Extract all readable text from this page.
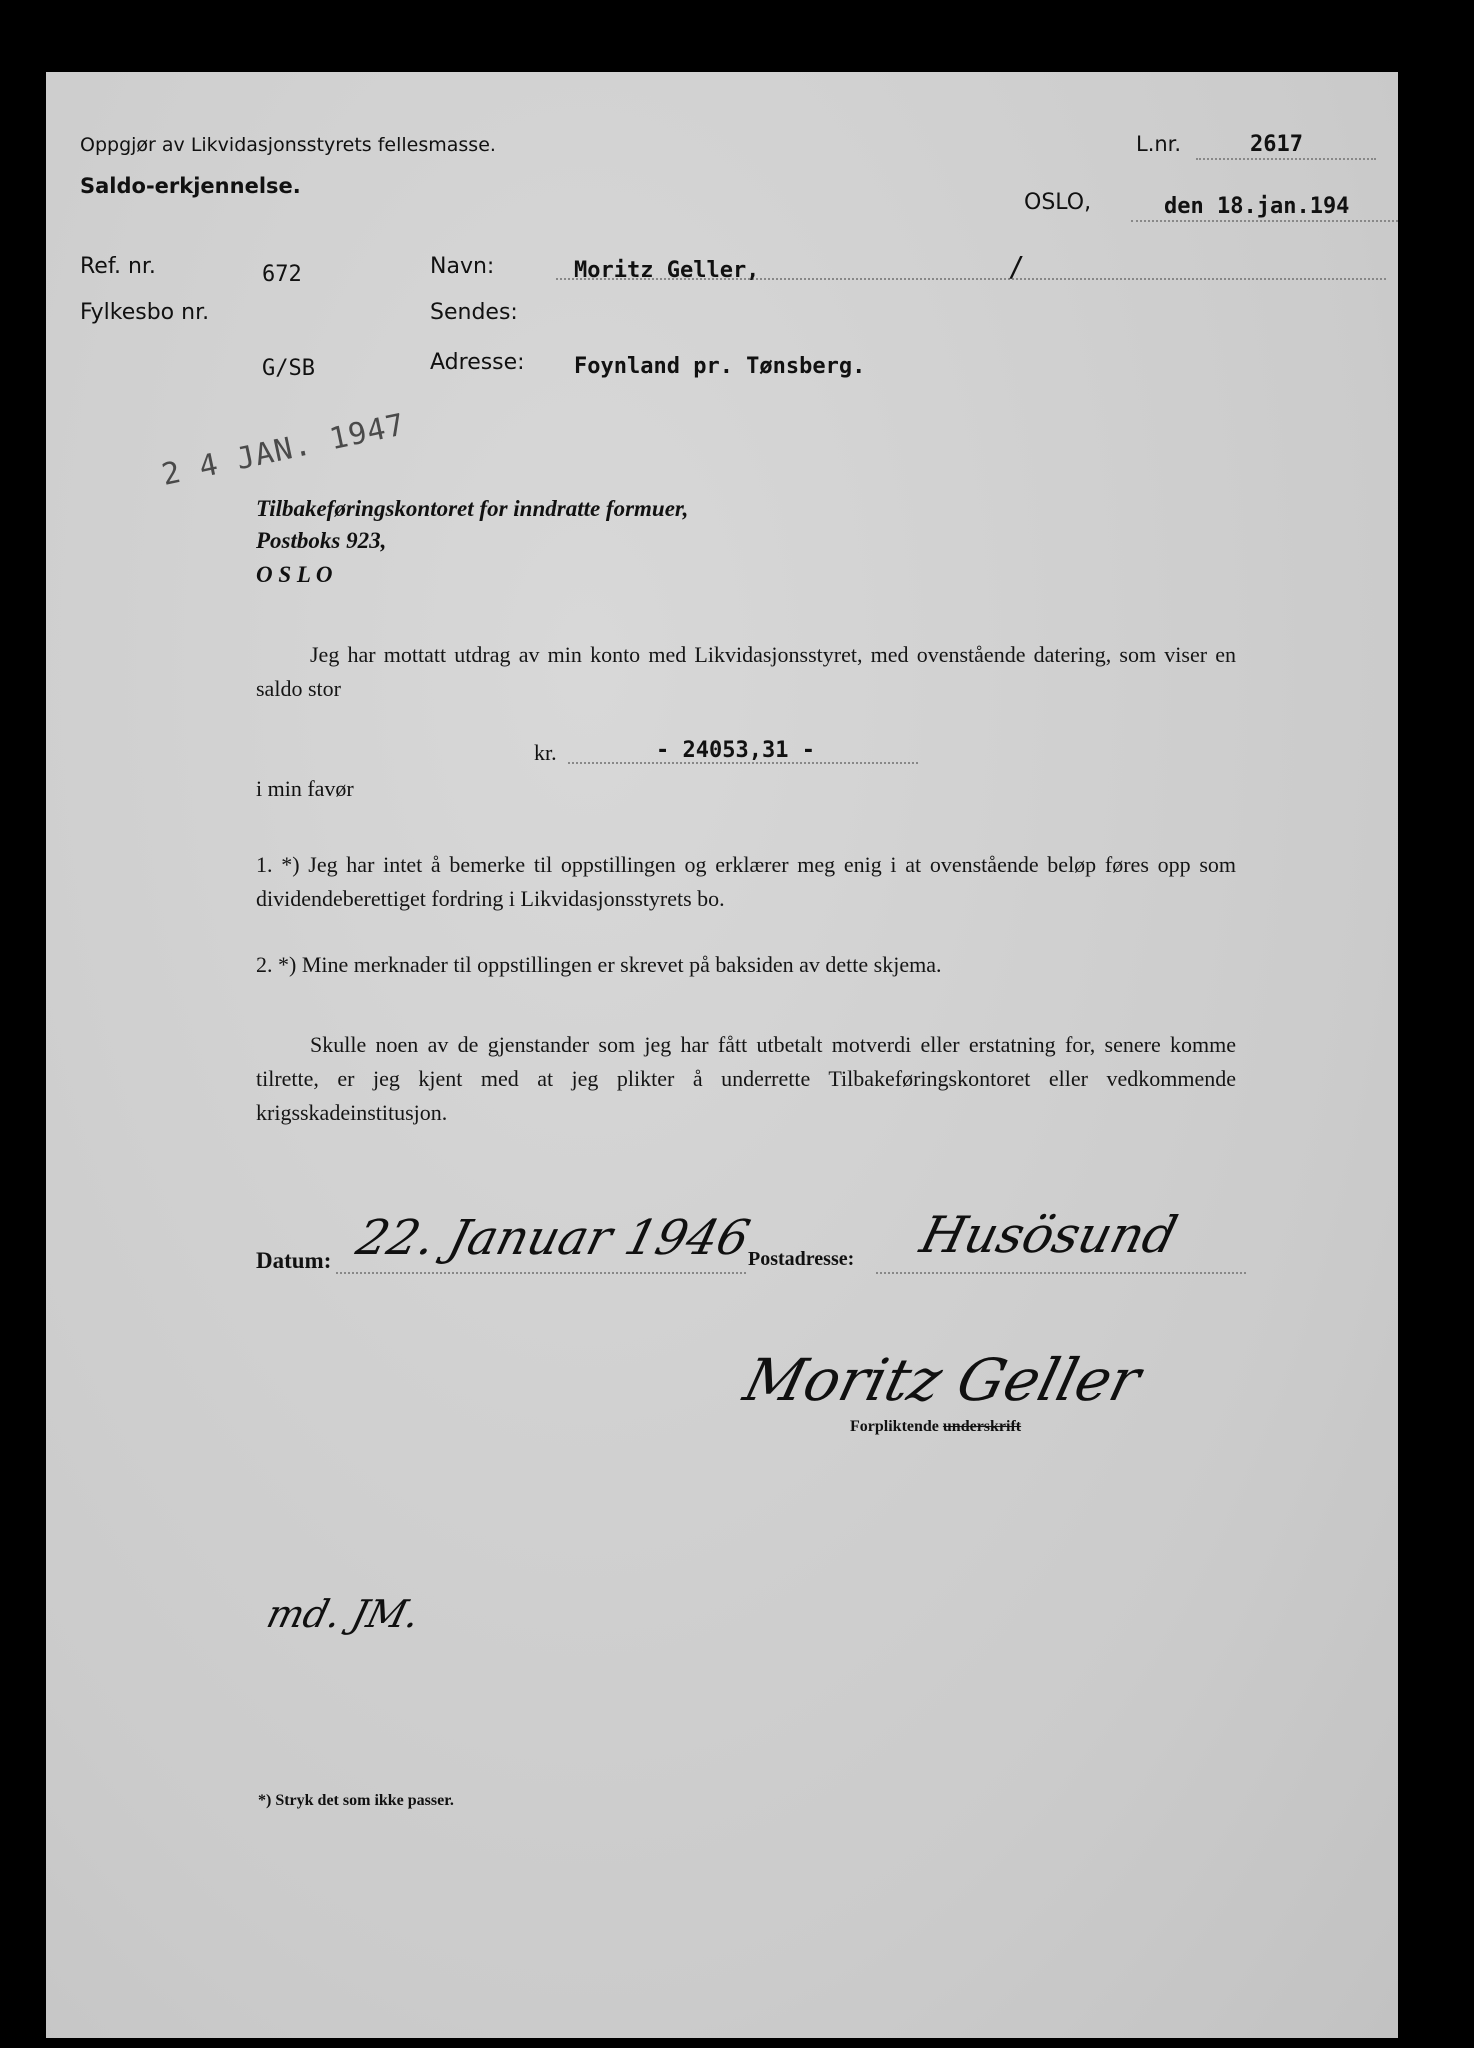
Oppgjør av Likvidasjonsstyrets fellesmasse.
Saldo-erkjennelse.
L.nr.	2617
OSLO,	den 18.jan.194
Ref. nr.	672
Fylkesbo nr.
G/SB
Navn:	Moritz Geller,	/
Sendes:
Adresse: Foynland pr. Tønsberg.
2 4 JAN. 1947
Tilbakeføringskontoret for inndratte formuer,
Postboks 923,
O S L O
Jeg har mottatt utdrag av min konto med Likvidasjonsstyret, med ovenstående datering, som viser en saldo stor
kr.	- 24053,31 -
i min favør
1. *) Jeg har intet å bemerke til oppstillingen og erklærer meg enig i at ovenstående beløp føres opp som dividendeberettiget fordring i Likvidasjonsstyrets bo.
2. *) Mine merknader til oppstillingen er skrevet på baksiden av dette skjema.
Skulle noen av de gjenstander som jeg har fått utbetalt motverdi eller erstatning for, senere komme tilrette, er jeg kjent med at jeg plikter å underrette Tilbakeføringskontoret eller vedkommende krigsskadeinstitusjon.
Datum: 22. Januar 1946
Postadresse: Husösund
Moritz Geller
Forpliktende underskrift
md. JM.
*) Stryk det som ikke passer.
